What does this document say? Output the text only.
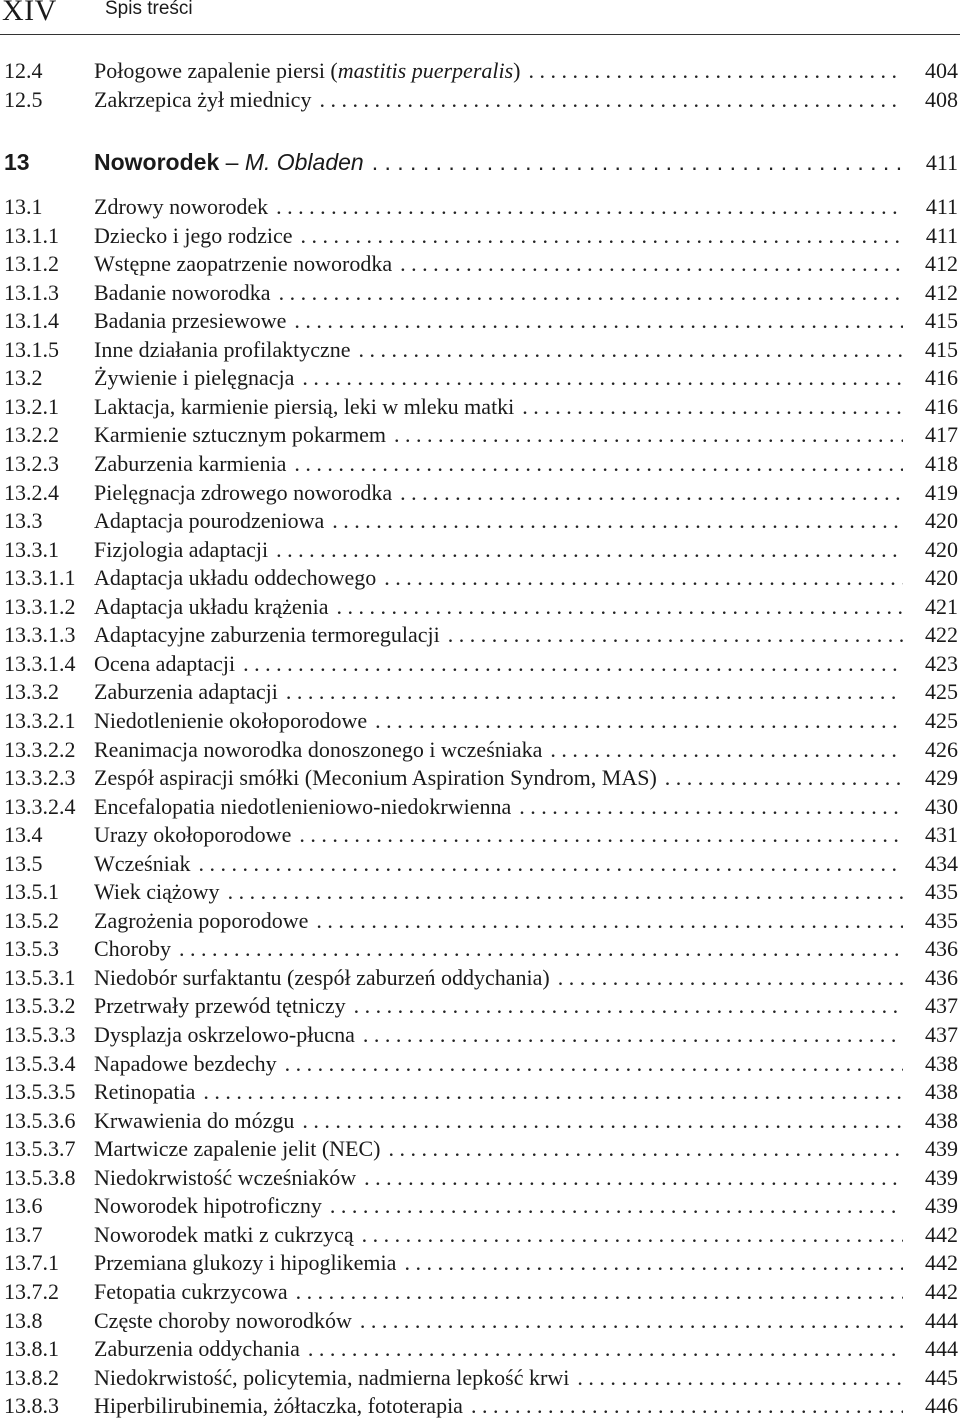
XIV	Spis treści
12.4	Połogowe zapalenie piersi (mastitis puerperalis) . . .	404
12.5	Zakrzepica żył miednicy . . .	408
13	Noworodek – M. Obladen . . .	411
13.1	Zdrowy noworodek . . .	411
13.1.1	Dziecko i jego rodzice . . .	411
13.1.2	Wstępne zaopatrzenie noworodka . . .	412
13.1.3	Badanie noworodka . . .	412
13.1.4	Badania przesiewowe . . .	415
13.1.5	Inne działania profilaktyczne . . .	415
13.2	Żywienie i pielęgnacja . . .	416
13.2.1	Laktacja, karmienie piersią, leki w mleku matki . . .	416
13.2.2	Karmienie sztucznym pokarmem . . .	417
13.2.3	Zaburzenia karmienia . . .	418
13.2.4	Pielęgnacja zdrowego noworodka . . .	419
13.3	Adaptacja pourodzeniowa . . .	420
13.3.1	Fizjologia adaptacji . . .	420
13.3.1.1 Adaptacja układu oddechowego . . .	420
13.3.1.2 Adaptacja układu krążenia . . .	421
13.3.1.3 Adaptacyjne zaburzenia termoregulacji . . .	422
13.3.1.4 Ocena adaptacji . . .	423
13.3.2	Zaburzenia adaptacji . . .	425
13.3.2.1 Niedotlenienie okołoporodowe . . .	425
13.3.2.2 Reanimacja noworodka donoszonego i wcześniaka . . .	426
13.3.2.3 Zespół aspiracji smółki (Meconium Aspiration Syndrom, MAS) . . .	429
13.3.2.4 Encefalopatia niedotlenieniowo-niedokrwienna . . .	430
13.4	Urazy okołoporodowe . . .	431
13.5	Wcześniak . . .	434
13.5.1	Wiek ciążowy . . .	435
13.5.2	Zagrożenia poporodowe . . .	435
13.5.3	Choroby . . .	436
13.5.3.1 Niedobór surfaktantu (zespół zaburzeń oddychania) . . .	436
13.5.3.2 Przetrwały przewód tętniczy . . .	437
13.5.3.3 Dysplazja oskrzelowo-płucna . . .	437
13.5.3.4 Napadowe bezdechy . . .	438
13.5.3.5 Retinopatia . . .	438
13.5.3.6 Krwawienia do mózgu . . .	438
13.5.3.7 Martwicze zapalenie jelit (NEC) . . .	439
13.5.3.8 Niedokrwistość wcześniaków . . .	439
13.6	Noworodek hipotroficzny . . .	439
13.7	Noworodek matki z cukrzycą . . .	442
13.7.1	Przemiana glukozy i hipoglikemia . . .	442
13.7.2	Fetopatia cukrzycowa . . .	442
13.8	Częste choroby noworodków . . .	444
13.8.1	Zaburzenia oddychania . . .	444
13.8.2	Niedokrwistość, policytemia, nadmierna lepkość krwi . . .	445
13.8.3	Hiperbilirubinemia, żółtaczka, fototerapia . . .	446
